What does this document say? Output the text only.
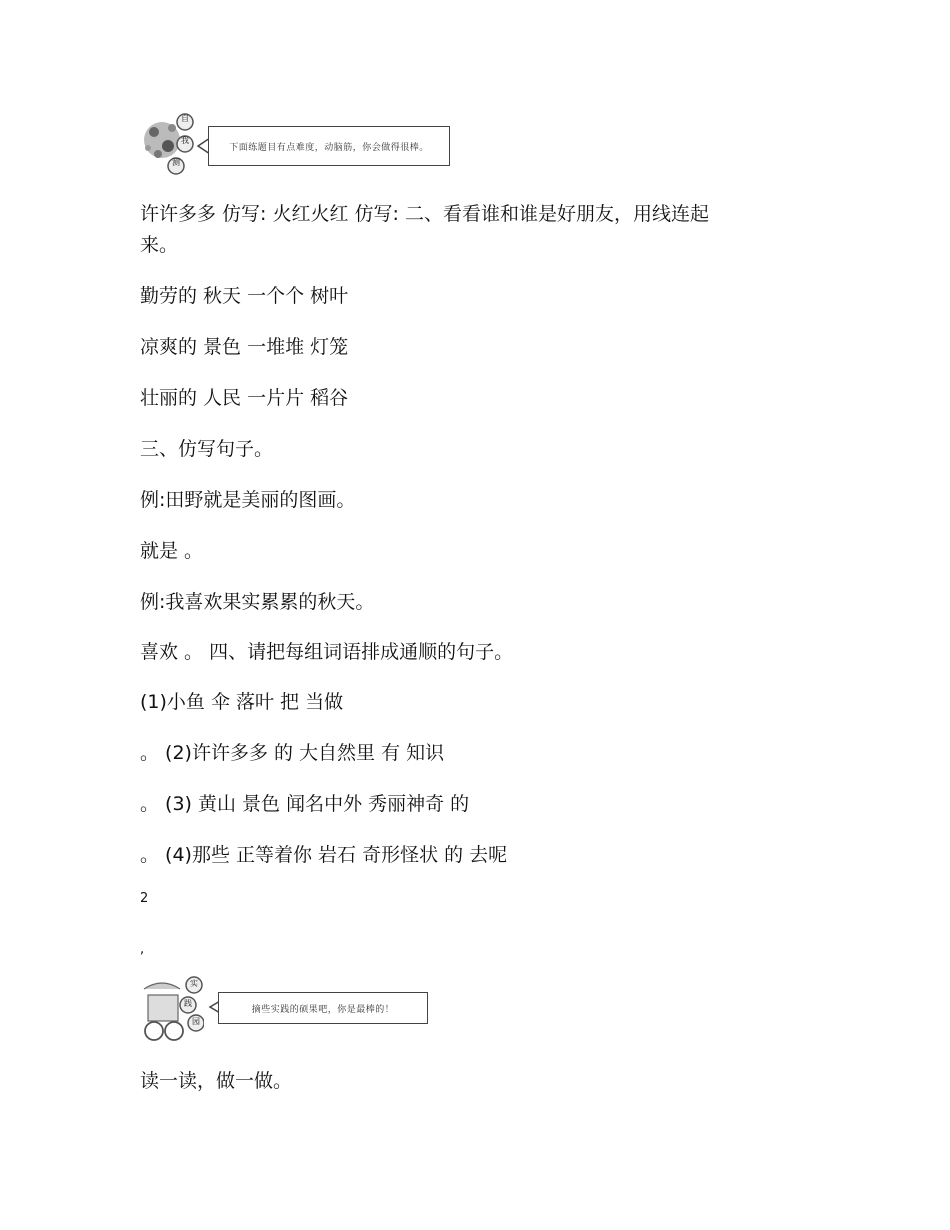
自
我
测
下面练题目有点难度，动脑筋，你会做得很棒。
许许多多 仿写: 火红火红 仿写: 二、看看谁和谁是好朋友，用线连起
来。
勤劳的 秋天 一个个 树叶
凉爽的 景色 一堆堆 灯笼
壮丽的 人民 一片片 稻谷
三、仿写句子。
例:田野就是美丽的图画。
就是 。
例:我喜欢果实累累的秋天。
喜欢 。 四、请把每组词语排成通顺的句子。
(1)小鱼 伞 落叶 把 当做
。 (2)许许多多 的 大自然里 有 知识
。 (3) 黄山 景色 闻名中外 秀丽神奇 的
。 (4)那些 正等着你 岩石 奇形怪状 的 去呢
2
,
实
践
园
摘些实践的硕果吧，你是最棒的！
读一读，做一做。
